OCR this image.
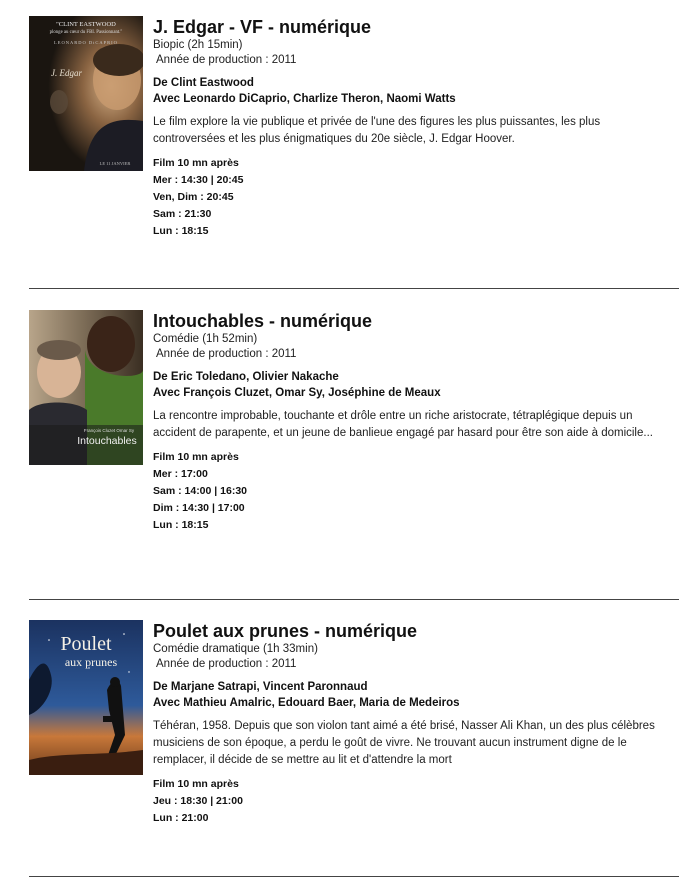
"CLINT EASTWOOD
plonge au cœur du FBI. Passionnant."
LEONARDO DiCAPRIO
J. Edgar
LE 11 JANVIER
J. Edgar - VF - numérique
Biopic (2h 15min)
Année de production : 2011
De Clint Eastwood
Avec Leonardo DiCaprio, Charlize Theron, Naomi Watts
Le film explore la vie publique et privée de l'une des figures les plus puissantes, les plus controversées et les plus énigmatiques du 20e siècle, J. Edgar Hoover.
Film 10 mn après
Mer : 14:30 | 20:45
Ven, Dim : 20:45
Sam : 21:30
Lun : 18:15
François Cluzet Omar Sy
Intouchables
Intouchables - numérique
Comédie (1h 52min)
Année de production : 2011
De Eric Toledano, Olivier Nakache
Avec François Cluzet, Omar Sy, Joséphine de Meaux
La rencontre improbable, touchante et drôle entre un riche aristocrate, tétraplégique depuis un accident de parapente, et un jeune de banlieue engagé par hasard pour être son aide à domicile...
Film 10 mn après
Mer : 17:00
Sam : 14:00 | 16:30
Dim : 14:30 | 17:00
Lun : 18:15
Poulet
aux prunes
Poulet aux prunes - numérique
Comédie dramatique (1h 33min)
Année de production : 2011
De Marjane Satrapi, Vincent Paronnaud
Avec Mathieu Amalric, Edouard Baer, Maria de Medeiros
Téhéran, 1958. Depuis que son violon tant aimé a été brisé, Nasser Ali Khan, un des plus célèbres musiciens de son époque, a perdu le goût de vivre. Ne trouvant aucun instrument digne de le remplacer, il décide de se mettre au lit et d'attendre la mort
Film 10 mn après
Jeu : 18:30 | 21:00
Lun : 21:00
